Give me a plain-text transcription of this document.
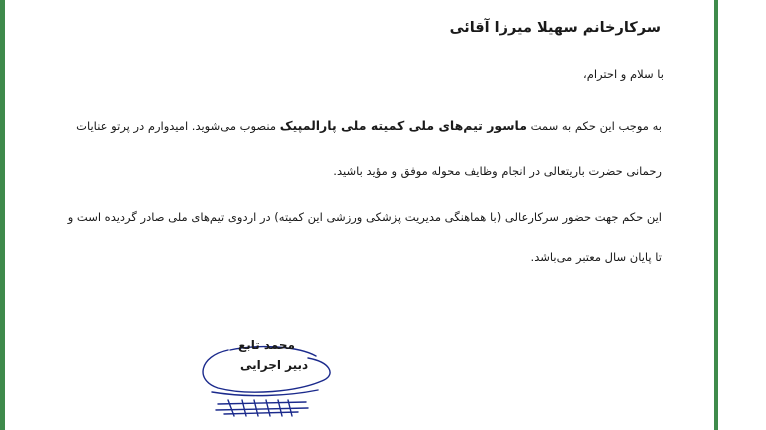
سرکارخانم سهیلا میرزا آقائی
با سلام و احترام،
به موجب این حکم به سمت ماسور تیم‌های ملی کمیته ملی پارالمپیک منصوب می‌شوید. امیدوارم در پرتو عنایات
رحمانی حضرت باریتعالی در انجام وظایف محوله موفق و مؤید باشید.
این حکم جهت حضور سرکارعالی (با هماهنگی مدیریت پزشکی ورزشی این کمیته) در اردوی تیم‌های ملی صادر گردیده است و
تا پایان سال معتبر می‌باشد.
محمد تابع
دبیر اجرایی
